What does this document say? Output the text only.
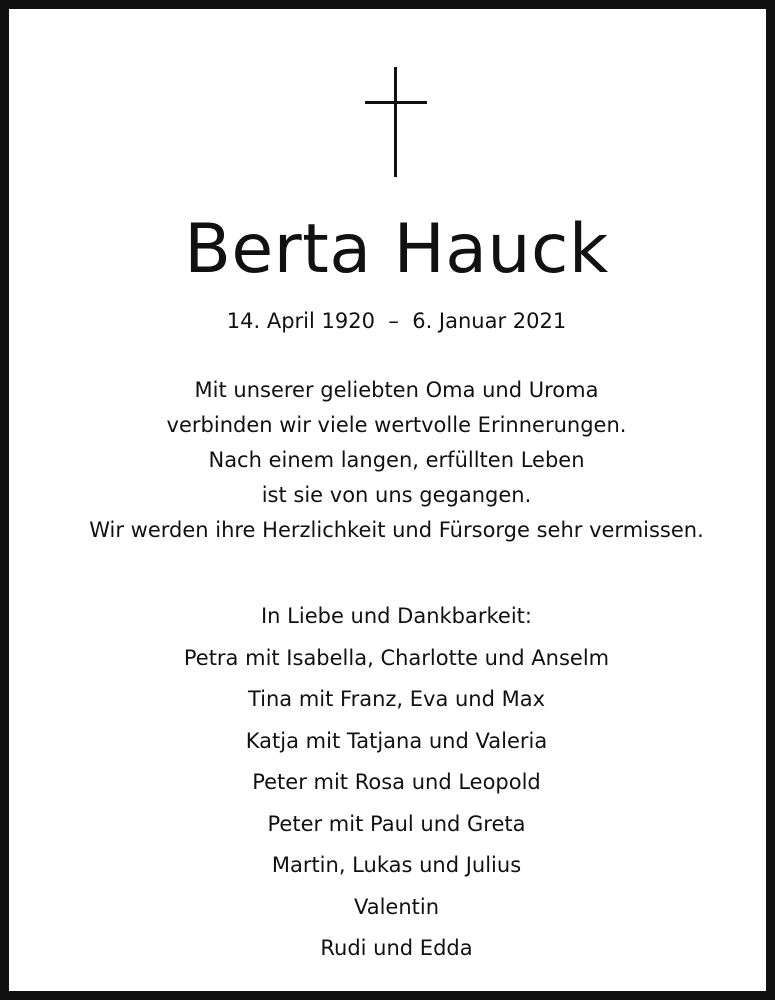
Berta Hauck
14. April 1920 – 6. Januar 2021
Mit unserer geliebten Oma und Uroma
verbinden wir viele wertvolle Erinnerungen.
Nach einem langen, erfüllten Leben
ist sie von uns gegangen.
Wir werden ihre Herzlichkeit und Fürsorge sehr vermissen.
In Liebe und Dankbarkeit:
Petra mit Isabella, Charlotte und Anselm
Tina mit Franz, Eva und Max
Katja mit Tatjana und Valeria
Peter mit Rosa und Leopold
Peter mit Paul und Greta
Martin, Lukas und Julius
Valentin
Rudi und Edda
